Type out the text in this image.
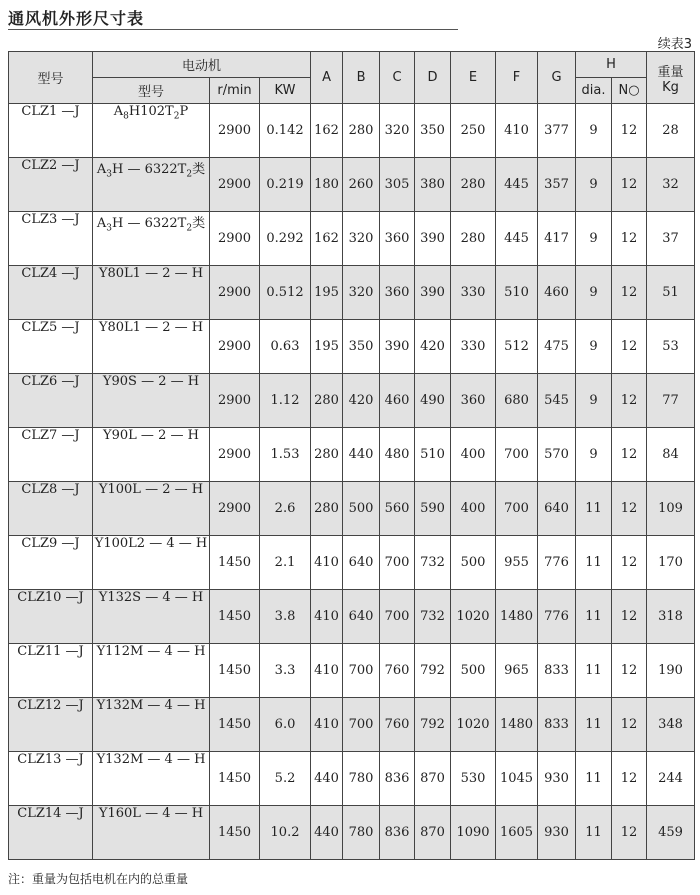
通风机外形尺寸表
续表3
型号	电动机			A	B	C	D	E	F	G	H		重量
Kg
	型号	r/min	KW								dia.	N○	
CLZ1 —J	$A_8H102T_2P$	2900	0.142	162	280	320	350	250	410	377	9	12	28
CLZ2 —J	$A_3H$ — $6322T_2$类	2900	0.219	180	260	305	380	280	445	357	9	12	32
CLZ3 —J	$A_3H$ — $6322T_2$类	2900	0.292	162	320	360	390	280	445	417	9	12	37
CLZ4 —J	Y80L1 — 2 — H	2900	0.512	195	320	360	390	330	510	460	9	12	51
CLZ5 —J	Y80L1 — 2 — H	2900	0.63	195	350	390	420	330	512	475	9	12	53
CLZ6 —J	Y90S — 2 — H	2900	1.12	280	420	460	490	360	680	545	9	12	77
CLZ7 —J	Y90L — 2 — H	2900	1.53	280	440	480	510	400	700	570	9	12	84
CLZ8 —J	Y100L — 2 — H	2900	2.6	280	500	560	590	400	700	640	11	12	109
CLZ9 —J	Y100L2 — 4 — H	1450	2.1	410	640	700	732	500	955	776	11	12	170
CLZ10 —J	Y132S — 4 — H	1450	3.8	410	640	700	732	1020	1480	776	11	12	318
CLZ11 —J	Y112M — 4 — H	1450	3.3	410	700	760	792	500	965	833	11	12	190
CLZ12 —J	Y132M — 4 — H	1450	6.0	410	700	760	792	1020	1480	833	11	12	348
CLZ13 —J	Y132M — 4 — H	1450	5.2	440	780	836	870	530	1045	930	11	12	244
CLZ14 —J	Y160L — 4 — H	1450	10.2	440	780	836	870	1090	1605	930	11	12	459
注：重量为包括电机在内的总重量
